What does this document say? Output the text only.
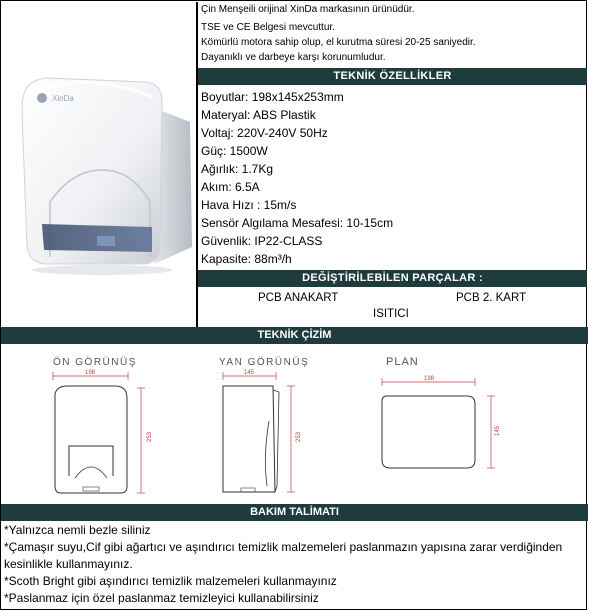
XinDa
Çin Menşeili orijinal XinDa markasının ürünüdür.
TSE ve CE Belgesi mevcuttur.
Kömürlü motora sahip olup, el kurutma süresi 20-25 saniyedir.
Dayanıklı ve darbeye karşı korunumludur.
TEKNİK ÖZELLİKLER
Boyutlar: 198x145x253mm
Materyal: ABS Plastik
Voltaj: 220V-240V 50Hz
Güç: 1500W
Ağırlık: 1.7Kg
Akım: 6.5A
Hava Hızı : 15m/s
Sensör Algılama Mesafesi: 10-15cm
Güvenlik: IP22-CLASS
Kapasite: 88m³/h
DEĞİŞTİRİLEBİLEN PARÇALAR :
PCB ANAKART	PCB 2. KART
ISITICI
TEKNİK ÇİZİM
ÖN GÖRÜNÜŞ	YAN GÖRÜNÜŞ	PLAN
198
253
145
253
198
145
BAKIM TALİMATI
*Yalnızca nemli bezle siliniz
*Çamaşır suyu,Cif gibi ağartıcı ve aşındırıcı temizlik malzemeleri paslanmazın yapısına zarar verdiğinden kesinlikle kullanmayınız.
*Scoth Bright gibi aşındırıcı temizlik malzemeleri kullanmayınız
*Paslanmaz için özel paslanmaz temizleyici kullanabilirsiniz
